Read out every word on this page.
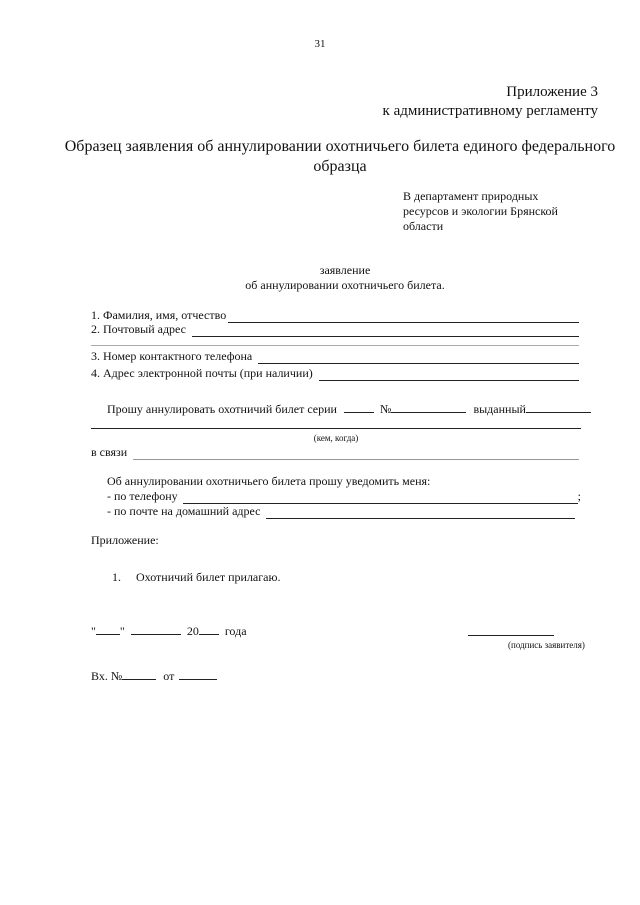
31
Приложение 3
к административному регламенту
Образец заявления об аннулировании охотничьего билета единого федерального образца
В департамент природных ресурсов и экологии Брянской области
заявление
об аннулировании охотничьего билета.
1. Фамилия, имя, отчество
2. Почтовый адрес
3. Номер контактного телефона
4. Адрес электронной почты (при наличии)
Прошу аннулировать охотничий билет серии	№	выданный
(кем, когда)
в связи
Об аннулировании охотничьего билета прошу уведомить меня:
- по телефону	;
- по почте на домашний адрес
Приложение:
1. Охотничий билет прилагаю.
" "	20 года
(подпись заявителя)
Вх. №	от
